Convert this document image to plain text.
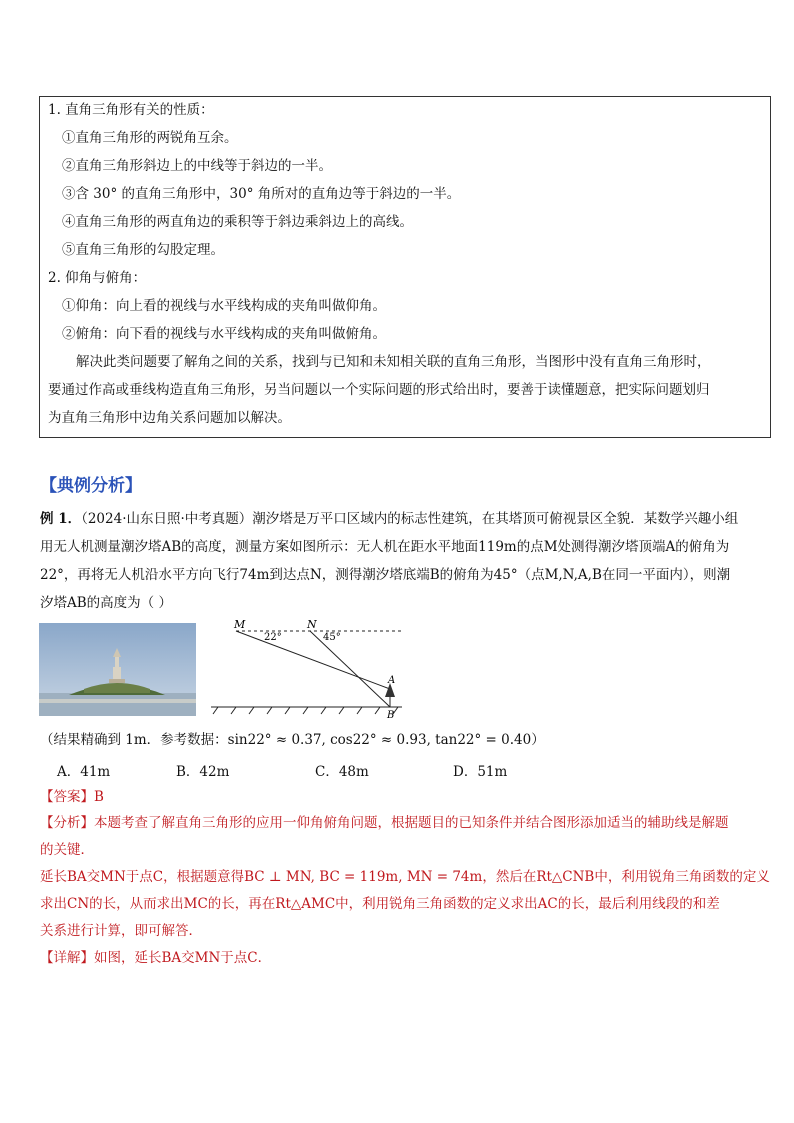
1. 直角三角形有关的性质：
①直角三角形的两锐角互余。
②直角三角形斜边上的中线等于斜边的一半。
③含 30° 的直角三角形中，30° 角所对的直角边等于斜边的一半。
④直角三角形的两直角边的乘积等于斜边乘斜边上的高线。
⑤直角三角形的勾股定理。
2. 仰角与俯角：
①仰角：向上看的视线与水平线构成的夹角叫做仰角。
②俯角：向下看的视线与水平线构成的夹角叫做俯角。
解决此类问题要了解角之间的关系，找到与已知和未知相关联的直角三角形，当图形中没有直角三角形时，
要通过作高或垂线构造直角三角形，另当问题以一个实际问题的形式给出时，要善于读懂题意，把实际问题划归
为直角三角形中边角关系问题加以解决。
【典例分析】
例 1．（2024·山东日照·中考真题）潮汐塔是万平口区域内的标志性建筑，在其塔顶可俯视景区全貌．某数学兴趣小组
用无人机测量潮汐塔AB的高度，测量方案如图所示：无人机在距水平地面119m的点M处测得潮汐塔顶端A的俯角为
22°，再将无人机沿水平方向飞行74m到达点N，测得潮汐塔底端B的俯角为45°（点M,N,A,B在同一平面内），则潮
汐塔AB的高度为（ ）
M	N
A
B
22°	45°
（结果精确到 1m．参考数据：sin22° ≈ 0.37, cos22° ≈ 0.93, tan22° = 0.40）
A．41m	B．42m	C．48m	D．51m
【答案】B
【分析】本题考查了解直角三角形的应用一仰角俯角问题，根据题目的已知条件并结合图形添加适当的辅助线是解题
的关键．
延长BA交MN于点C，根据题意得BC ⊥ MN, BC = 119m, MN = 74m，然后在Rt△CNB中，利用锐角三角函数的定义
求出CN的长，从而求出MC的长，再在Rt△AMC中，利用锐角三角函数的定义求出AC的长，最后利用线段的和差
关系进行计算，即可解答．
【详解】如图，延长BA交MN于点C．
